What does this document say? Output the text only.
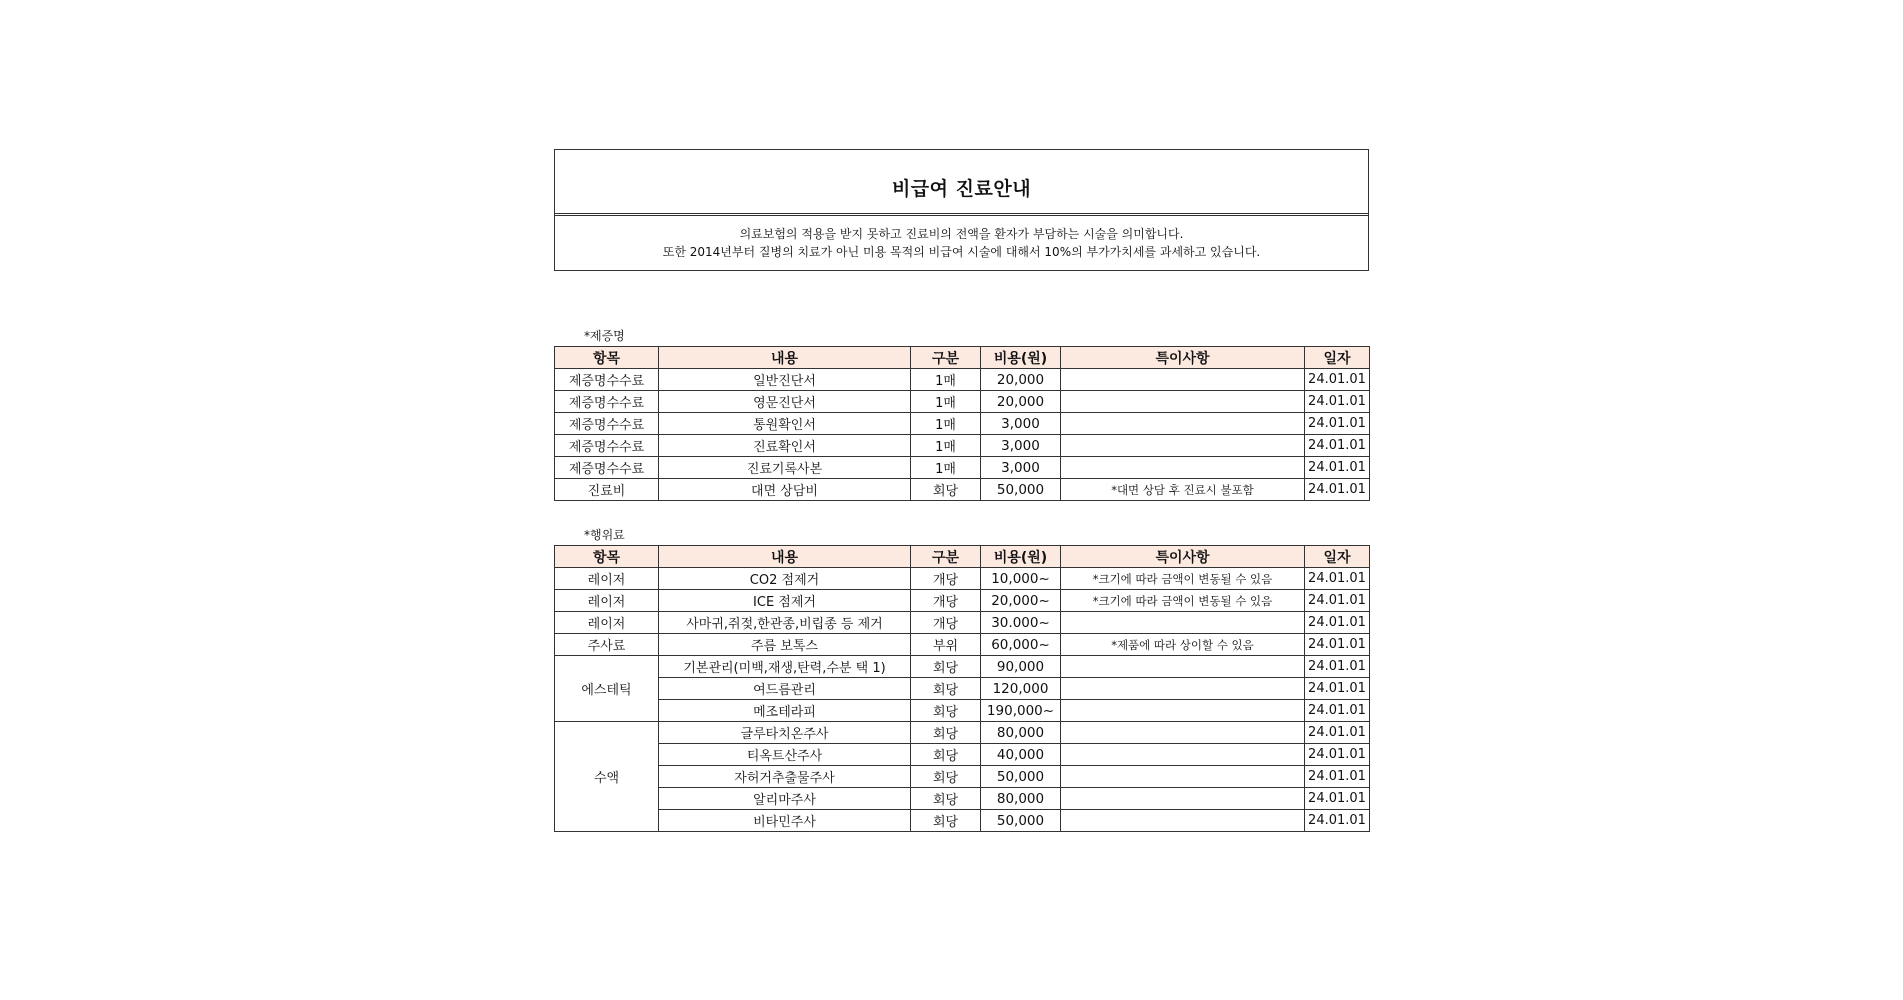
비급여 진료안내
의료보험의 적용을 받지 못하고 진료비의 전액을 환자가 부담하는 시술을 의미합니다.
또한 2014년부터 질병의 치료가 아닌 미용 목적의 비급여 시술에 대해서 10%의 부가가치세를 과세하고 있습니다.
*제증명
항목	내용	구분	비용(원)	특이사항	일자
제증명수수료	일반진단서	1매	20,000		24.01.01
제증명수수료	영문진단서	1매	20,000		24.01.01
제증명수수료	통원확인서	1매	3,000		24.01.01
제증명수수료	진료확인서	1매	3,000		24.01.01
제증명수수료	진료기록사본	1매	3,000		24.01.01
진료비	대면 상담비	회당	50,000	*대면 상담 후 진료시 불포함	24.01.01
*행위료
항목	내용	구분	비용(원)	특이사항	일자
레이저	CO2 점제거	개당	10,000~	*크기에 따라 금액이 변동될 수 있음	24.01.01
레이저	ICE 점제거	개당	20,000~	*크기에 따라 금액이 변동될 수 있음	24.01.01
레이저	사마귀,쥐젖,한관종,비립종 등 제거	개당	30.000~		24.01.01
주사료	주름 보톡스	부위	60,000~	*제품에 따라 상이할 수 있음	24.01.01
에스테틱	기본관리(미백,재생,탄력,수분 택 1)	회당	90,000		24.01.01
	여드름관리	회당	120,000		24.01.01
	메조테라피	회당	190,000~		24.01.01
수액	글루타치온주사	회당	80,000		24.01.01
	티옥트산주사	회당	40,000		24.01.01
	자허거추출물주사	회당	50,000		24.01.01
	알리마주사	회당	80,000		24.01.01
	비타민주사	회당	50,000		24.01.01
